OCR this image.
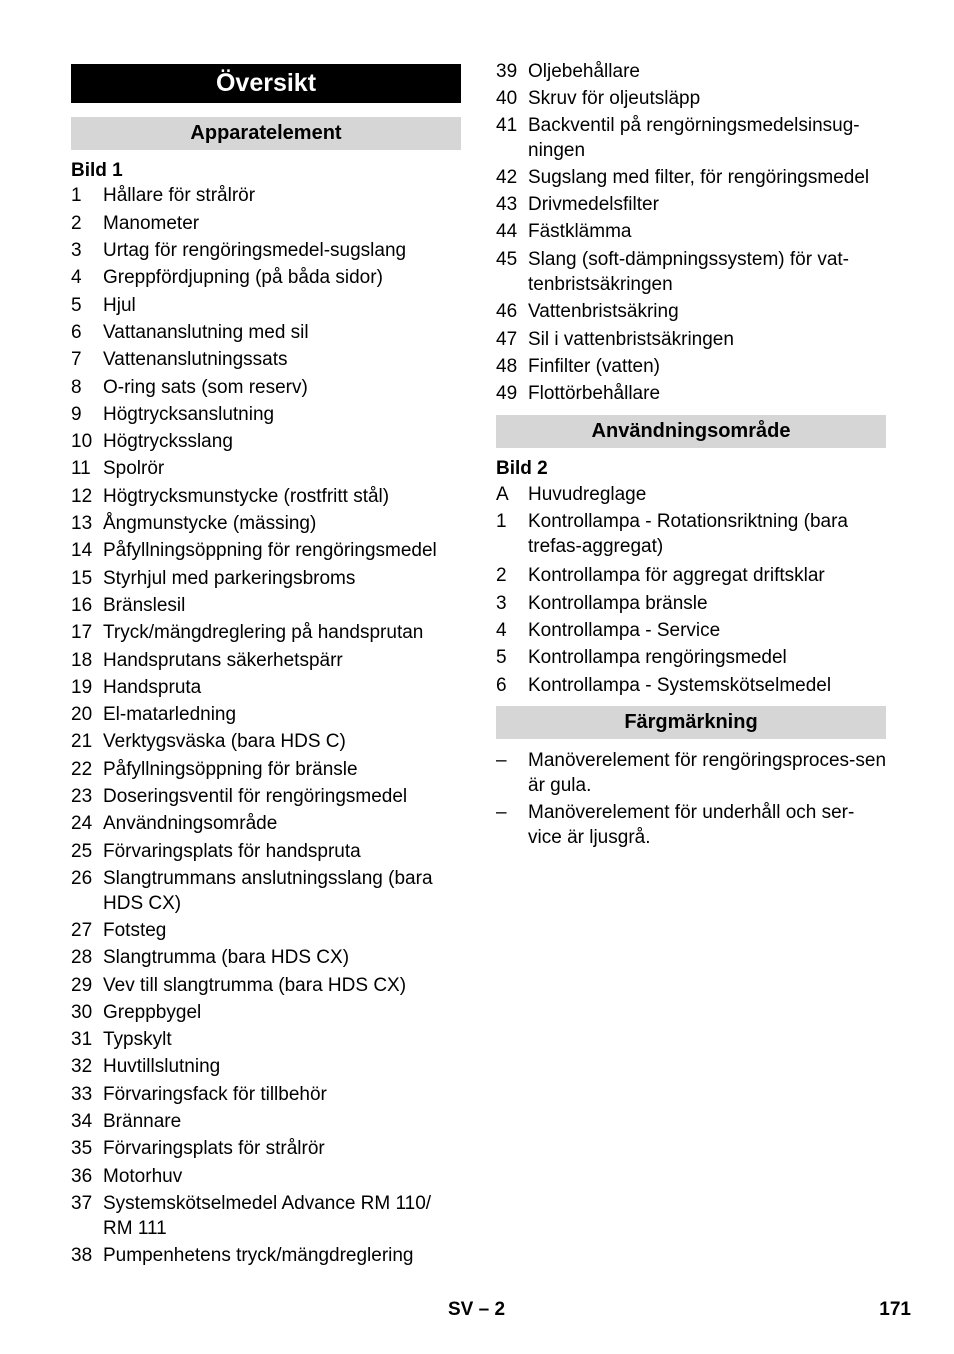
Översikt
Apparatelement
Bild 1
1 Hållare för strålrör
2 Manometer
3 Urtag för rengöringsmedel-sugslang
4 Greppfördjupning (på båda sidor)
5 Hjul
6 Vattananslutning med sil
7 Vattenanslutningssats
8 O-ring sats (som reserv)
9 Högtrycksanslutning
10 Högtrycksslang
11 Spolrör
12 Högtrycksmunstycke (rostfritt stål)
13 Ångmunstycke (mässing)
14 Påfyllningsöppning för rengöringsmedel
15 Styrhjul med parkeringsbroms
16 Bränslesil
17 Tryck/mängdreglering på handsprutan
18 Handsprutans säkerhetspärr
19 Handspruta
20 El-matarledning
21 Verktygsväska (bara HDS C)
22 Påfyllningsöppning för bränsle
23 Doseringsventil för rengöringsmedel
24 Användningsområde
25 Förvaringsplats för handspruta
26 Slangtrummans anslutningsslang (bara HDS CX)
27 Fotsteg
28 Slangtrumma (bara HDS CX)
29 Vev till slangtrumma (bara HDS CX)
30 Greppbygel
31 Typskylt
32 Huvtillslutning
33 Förvaringsfack för tillbehör
34 Brännare
35 Förvaringsplats för strålrör
36 Motorhuv
37 Systemskötselmedel Advance RM 110/ RM 111
38 Pumpenhetens tryck/mängdreglering
39 Oljebehållare
40 Skruv för oljeutsläpp
41 Backventil på rengörningsmedelsinsug-ningen
42 Sugslang med filter, för rengöringsmedel
43 Drivmedelsfilter
44 Fästklämma
45 Slang (soft-dämpningssystem) för vat-tenbristsäkringen
46 Vattenbristsäkring
47 Sil i vattenbristsäkringen
48 Finfilter (vatten)
49 Flottörbehållare
Användningsområde
Bild 2
A Huvudreglage
1 Kontrollampa - Rotationsriktning (bara trefas-aggregat)
2 Kontrollampa för aggregat driftsklar
3 Kontrollampa bränsle
4 Kontrollampa - Service
5 Kontrollampa rengöringsmedel
6 Kontrollampa - Systemskötselmedel
Färgmärkning
– Manöverelement för rengöringsproces-sen är gula.
– Manöverelement för underhåll och ser-vice är ljusgrå.
SV – 2	171
